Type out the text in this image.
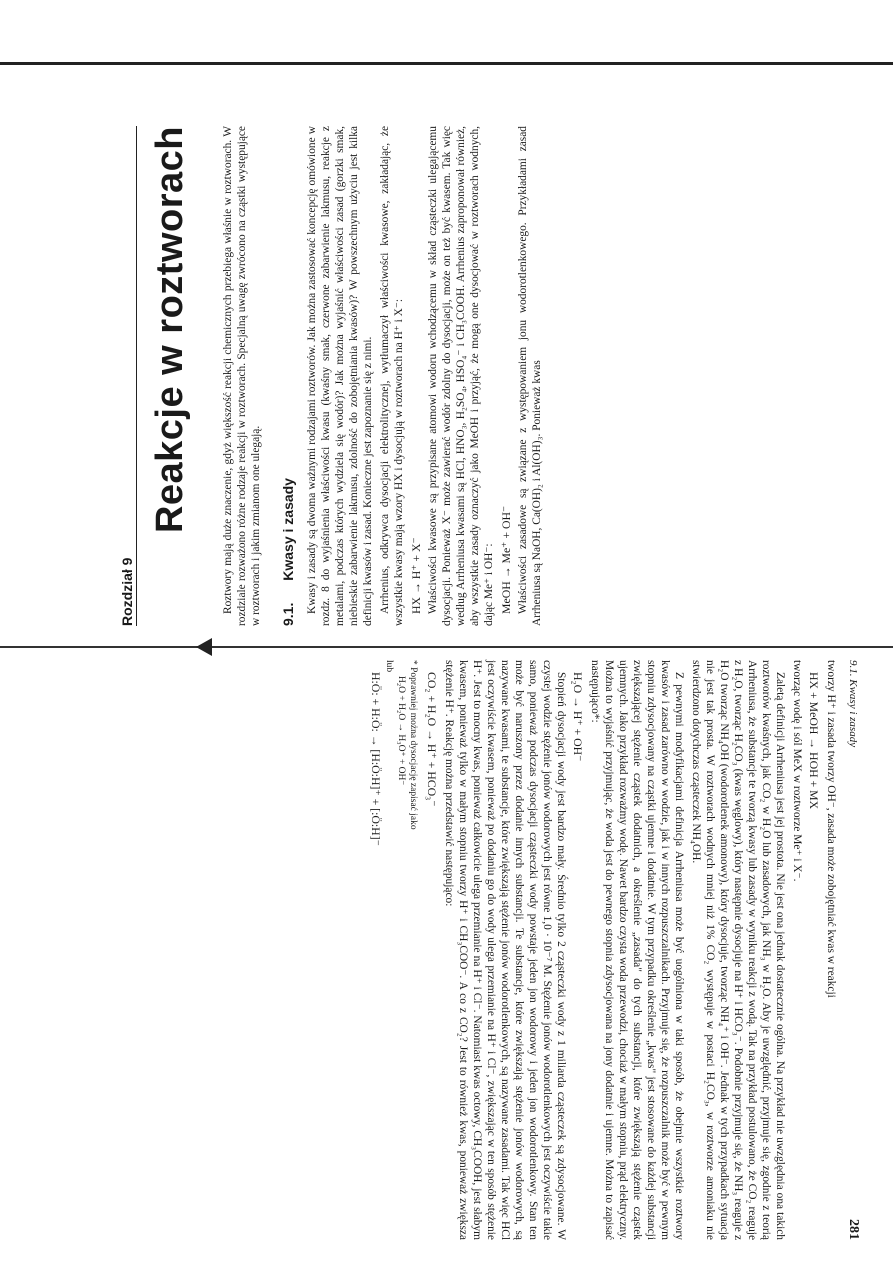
Rozdział 9
Reakcje w roztworach	Roztwory mają duże znaczenie, gdyż większość reakcji chemicznych przebiega właśnie w roztworach. W rozdziale rozważono różne rodzaje reakcji w roztworach. Specjalną uwagę zwrócono na cząstki występujące w roztworach i jakim zmianom one ulegają. 9.1. Kwasy i zasady Kwasy i zasady są dwoma ważnymi rodzajami roztworów. Jak można zastosować koncepcję omówione w rozdz. 8 do wyjaśnienia właściwości kwasu (kwaśny smak, czerwone zabarwienie lakmusu, reakcje z metalami, podczas których wydziela się wodór)? Jak można wyjaśnić właściwości zasad (gorzki smak, niebieskie zabarwienie lakmusu, zdolność do zobojętniania kwasów)? W powszechnym użyciu jest kilka definicji kwasów i zasad. Konieczne jest zapoznanie się z nimi. Arrhenius, odkrywca dysocjacji elektrolitycznej, wytłumaczył właściwości kwasowe, zakładając, że wszystkie kwasy mają wzory HX i dysocjują w roztworach na H⁺ i X⁻: HX → H⁺ + X⁻ Właściwości kwasowe są przypisane atomowi wodoru wchodzącemu w skład cząsteczki ulegającemu dysocjacji. Ponieważ X⁻ może zawierać wodór zdolny do dysocjacji, może on też być kwasem. Tak więc według Arrheniusa kwasami są HCl, HNO₃, H₂SO₄, HSO₄⁻ i CH₃COOH. Arrhenius zaproponował również, aby wszystkie zasady oznaczyć jako MeOH i przyjąć, że mogą one dysocjować w roztworach wodnych, dając Me⁺ i OH⁻: MeOH → Me⁺ + OH⁻ Właściwości zasadowe są związane z występowaniem jonu wodorotlenkowego. Przykładami zasad Arrheniusa są NaOH, Ca(OH)₂ i Al(OH)₃. Ponieważ kwas

9.1. Kwasy i zasady
281

tworzy H⁺ i zasada tworzy OH⁻, zasada może zobojętniać kwas w reakcji

HX + MeOH → HOH + MX

tworząc wodę i sól MeX w roztworze Me⁺ i X⁻.

Zaletą definicji Arrheniusa jest jej prostota. Nie jest ona jednak dostatecznie ogólna. Na przykład nie uwzględnia ona takich roztworów kwaśnych, jak CO₂ w H₂O lub zasadowych, jak NH₃ w H₂O. Aby je uwzględnić, przyjmuje się, zgodnie z teorią Arrheniusa, że substancje te tworzą kwasy lub zasady w wyniku reakcji z wodą. Tak na przykład postulowano, że CO₂ reaguje z H₂O, tworząc H₂CO₃ (kwas węglowy), który następnie dysocjuje na H⁺ i HCO₃⁻. Podobnie przyjmuje się, że NH₃ reaguje z H₂O tworząc NH₄OH (wodorotlenek amonowy), który dysocjuje, tworząc NH₄⁺ i OH⁻. Jednak w tych przypadkach sytuacja nie jest tak prosta. W roztworach wodnych mniej niż 1% CO₂ występuje w postaci H₂CO₃, w roztworze amoniaku nie stwierdzono dotychczas cząsteczek NH₄OH.

Z pewnymi modyfikacjami definicja Arrheniusa może być uogólniona w taki sposób, że obejmie wszystkie roztwory kwasów i zasad zarówno w wodzie, jak i w innych rozpuszczalnikach. Przyjmuje się, że rozpuszczalnik może być w pewnym stopniu zdysocjowany na cząstki ujemne i dodatnie. W tym przypadku określenie „kwas" jest stosowane do każdej substancji zwiększającej stężenie cząstek dodatnich, a określenie „zasada" do tych substancji, które zwiększają stężenie cząstek ujemnych. Jako przykład rozważmy wodę. Nawet bardzo czysta woda przewodzi, chociaż w małym stopniu, prąd elektryczny. Można to wyjaśnić przyjmując, że woda jest do pewnego stopnia zdysocjowana na jony dodatnie i ujemne. Można to zapisać następująco*:

H₂O → H⁺ + OH⁻

Stopień dysocjacji wody jest bardzo mały. Średnio tylko 2 cząsteczki wody z 1 miliarda cząsteczek są zdysocjowane. W czystej wodzie stężenie jonów wodorowych jest równe 1,0 · 10⁻⁷ M. Stężenie jonów wodorotlenkowych jest oczywiście takie samo, ponieważ podczas dysocjacji cząsteczki wody powstaje jeden jon wodorowy i jeden jon wodorotlenkowy. Stan ten może być naruszony przez dodanie innych substancji. Te substancje, które zwiększają stężenie jonów wodorowych, są nazywane kwasami, te substancje, które zwiększają stężenie jonów wodorotlenkowych, są nazywane zasadami. Tak więc HCl jest oczywiście kwasem, ponieważ po dodaniu go do wody ulega przemianie na H⁺ i Cl⁻, zwiększając w ten sposób stężenie H⁺. Jest to mocny kwas, ponieważ całkowicie ulega przemianie na H⁺ i Cl⁻. Natomiast kwas octowy, CH₃COOH, jest słabym kwasem, ponieważ tylko w małym stopniu tworzy H⁺ i CH₃COO⁻. A co z CO₂? Jest to również kwas, ponieważ zwiększa stężenie H⁺. Reakcję można przedstawić następująco:

CO₂ + H₂O → H⁺ + HCO₃⁻

* Poprawniej można dysocjację zapisać jako
H₂O + H₂O → H₃O⁺ + OH⁻
lub

H:Ö: + H:Ö: → [H:Ö:H]⁺ + [:Ö:H]⁻
